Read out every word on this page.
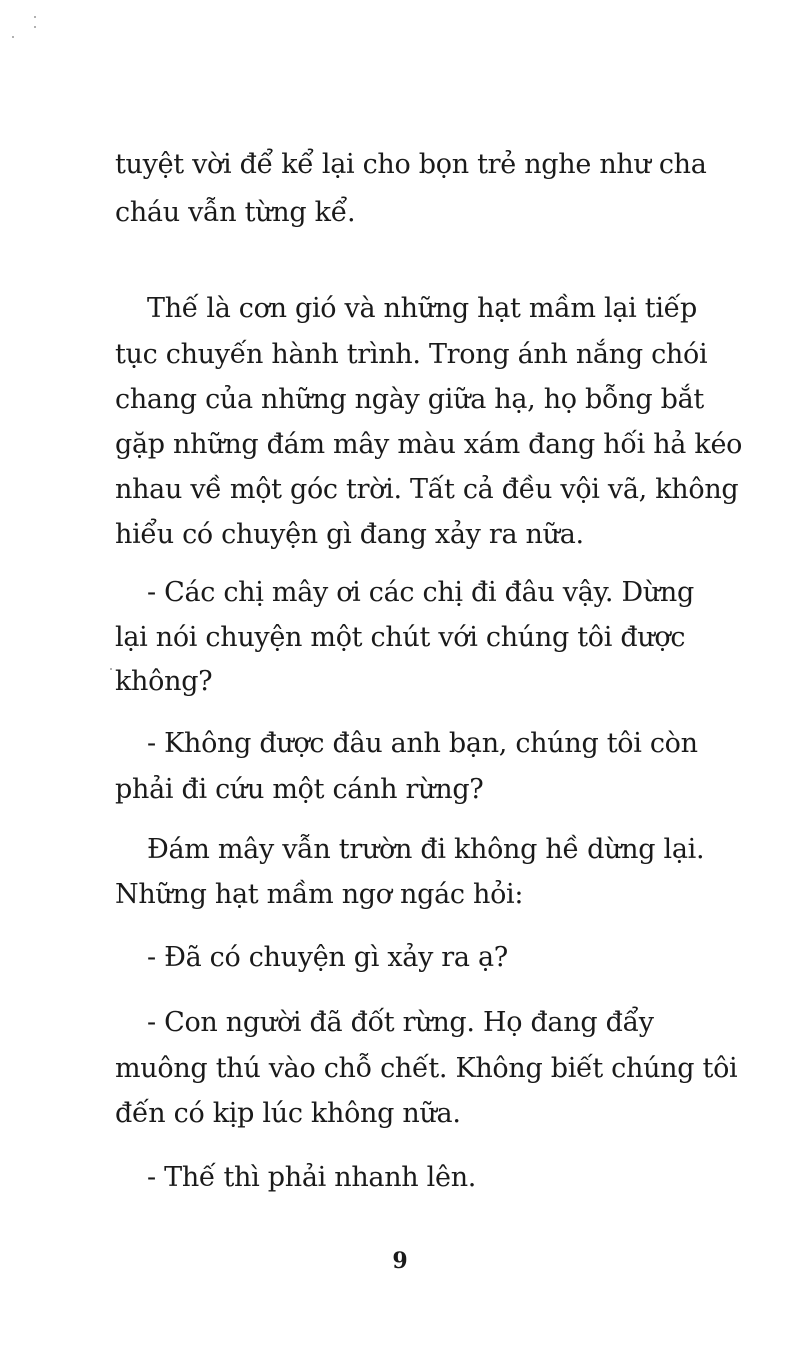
tuyệt vời để kể lại cho bọn trẻ nghe như cha
cháu vẫn từng kể.
Thế là cơn gió và những hạt mầm lại tiếp
tục chuyến hành trình. Trong ánh nắng chói
chang của những ngày giữa hạ, họ bỗng bắt
gặp những đám mây màu xám đang hối hả kéo
nhau về một góc trời. Tất cả đều vội vã, không
hiểu có chuyện gì đang xảy ra nữa.
- Các chị mây ơi các chị đi đâu vậy. Dừng
lại nói chuyện một chút với chúng tôi được
không?
- Không được đâu anh bạn, chúng tôi còn
phải đi cứu một cánh rừng?
Đám mây vẫn trườn đi không hề dừng lại.
Những hạt mầm ngơ ngác hỏi:
- Đã có chuyện gì xảy ra ạ?
- Con người đã đốt rừng. Họ đang đẩy
muông thú vào chỗ chết. Không biết chúng tôi
đến có kịp lúc không nữa.
- Thế thì phải nhanh lên.
9
